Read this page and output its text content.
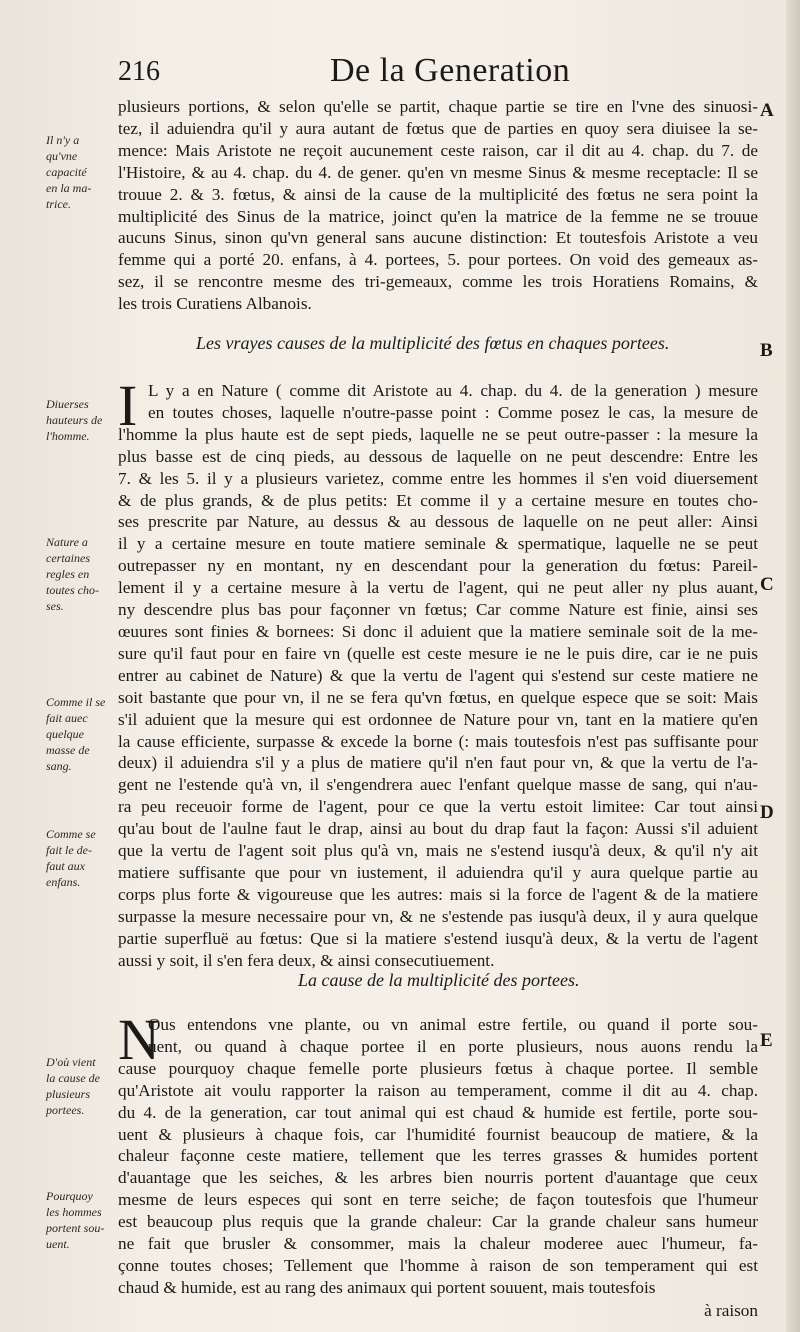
216	De la Generation
plusieurs portions, & selon qu'elle se partit, chaque partie se tire en l'vne des sinuosi-
tez, il aduiendra qu'il y aura autant de fœtus que de parties en quoy sera diuisee la se-
mence: Mais Aristote ne reçoit aucunement ceste raison, car il dit au 4. chap. du 7. de
l'Histoire, & au 4. chap. du 4. de gener. qu'en vn mesme Sinus & mesme receptacle: Il se
trouue 2. & 3. fœtus, & ainsi de la cause de la multiplicité des fœtus ne sera point la
multiplicité des Sinus de la matrice, joinct qu'en la matrice de la femme ne se trouue
aucuns Sinus, sinon qu'vn general sans aucune distinction: Et toutesfois Aristote a veu
femme qui a porté 20. enfans, à 4. portees, 5. pour portees. On void des gemeaux as-
sez, il se rencontre mesme des tri-gemeaux, comme les trois Horatiens Romains, &
les trois Curatiens Albanois.
Les vrayes causes de la multiplicité des fœtus en chaques portees.
I L y a en Nature ( comme dit Aristote au 4. chap. du 4. de la generation ) mesure
en toutes choses, laquelle n'outre-passe point : Comme posez le cas, la mesure de
l'homme la plus haute est de sept pieds, laquelle ne se peut outre-passer : la mesure la
plus basse est de cinq pieds, au dessous de laquelle on ne peut descendre: Entre les
7. & les 5. il y a plusieurs varietez, comme entre les hommes il s'en void diuersement
& de plus grands, & de plus petits: Et comme il y a certaine mesure en toutes cho-
ses prescrite par Nature, au dessus & au dessous de laquelle on ne peut aller: Ainsi
il y a certaine mesure en toute matiere seminale & spermatique, laquelle ne se peut
outrepasser ny en montant, ny en descendant pour la generation du fœtus: Pareil-
lement il y a certaine mesure à la vertu de l'agent, qui ne peut aller ny plus auant,
ny descendre plus bas pour façonner vn fœtus; Car comme Nature est finie, ainsi ses
œuures sont finies & bornees: Si donc il aduient que la matiere seminale soit de la me-
sure qu'il faut pour en faire vn (quelle est ceste mesure ie ne le puis dire, car ie ne puis
entrer au cabinet de Nature) & que la vertu de l'agent qui s'estend sur ceste matiere ne
soit bastante que pour vn, il ne se fera qu'vn fœtus, en quelque espece que se soit: Mais
s'il aduient que la mesure qui est ordonnee de Nature pour vn, tant en la matiere qu'en
la cause efficiente, surpasse & excede la borne (: mais toutesfois n'est pas suffisante pour
deux) il aduiendra s'il y a plus de matiere qu'il n'en faut pour vn, & que la vertu de l'a-
gent ne l'estende qu'à vn, il s'engendrera auec l'enfant quelque masse de sang, qui n'au-
ra peu receuoir forme de l'agent, pour ce que la vertu estoit limitee: Car tout ainsi
qu'au bout de l'aulne faut le drap, ainsi au bout du drap faut la façon: Aussi s'il aduient
que la vertu de l'agent soit plus qu'à vn, mais ne s'estend iusqu'à deux, & qu'il n'y ait
matiere suffisante que pour vn iustement, il aduiendra qu'il y aura quelque partie au
corps plus forte & vigoureuse que les autres: mais si la force de l'agent & de la matiere
surpasse la mesure necessaire pour vn, & ne s'estende pas iusqu'à deux, il y aura quelque
partie superfluë au fœtus: Que si la matiere s'estend iusqu'à deux, & la vertu de l'agent
aussi y soit, il s'en fera deux, & ainsi consecutiuement.
La cause de la multiplicité des portees.
N
Ous entendons vne plante, ou vn animal estre fertile, ou quand il porte sou-
uent, ou quand à chaque portee il en porte plusieurs, nous auons rendu la
cause pourquoy chaque femelle porte plusieurs fœtus à chaque portee. Il semble
qu'Aristote ait voulu rapporter la raison au temperament, comme il dit au 4. chap.
du 4. de la generation, car tout animal qui est chaud & humide est fertile, porte sou-
uent & plusieurs à chaque fois, car l'humidité fournist beaucoup de matiere, & la
chaleur façonne ceste matiere, tellement que les terres grasses & humides portent
d'auantage que les seiches, & les arbres bien nourris portent d'auantage que ceux
mesme de leurs especes qui sont en terre seiche; de façon toutesfois que l'humeur
est beaucoup plus requis que la grande chaleur: Car la grande chaleur sans humeur
ne fait que brusler & consommer, mais la chaleur moderee auec l'humeur, fa-
çonne toutes choses; Tellement que l'homme à raison de son temperament qui est
chaud & humide, est au rang des animaux qui portent souuent, mais toutesfois
à raison
Il n'y a
qu'vne
capacité
en la ma-
trice.
Diuerses
hauteurs de
l'homme.
Nature a
certaines
regles en
toutes cho-
ses.
Comme il se
fait auec
quelque
masse de
sang.
Comme se
fait le de-
faut aux
enfans.
D'où vient
la cause de
plusieurs
portees.
Pourquoy
les hommes
portent sou-
uent.
A
B
C
D
E
